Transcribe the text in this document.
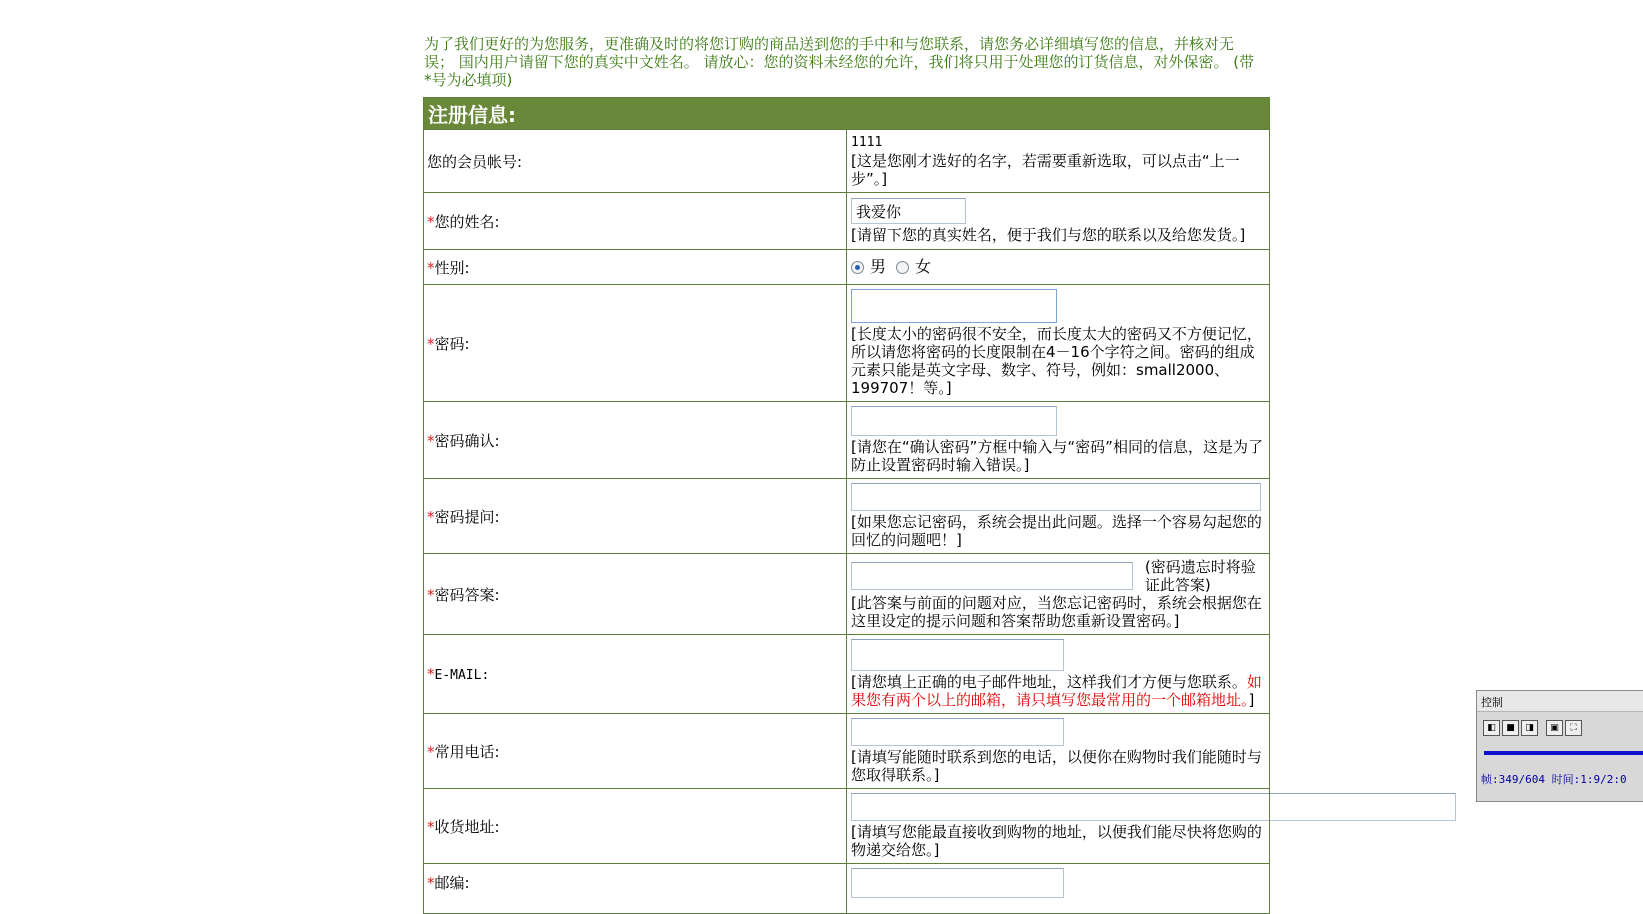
为了我们更好的为您服务，更准确及时的将您订购的商品送到您的手中和与您联系，请您务必详细填写您的信息，并核对无误； 国内用户请留下您的真实中文姓名。 请放心：您的资料未经您的允许，我们将只用于处理您的订货信息，对外保密。 (带*号为必填项)
注册信息:	
您的会员帐号:	1111
[这是您刚才选好的名字，若需要重新选取，可以点击“上一步”。]

*您的姓名:	
我爱你
[请留下您的真实姓名，便于我们与您的联系以及给您发货。]

*性别:	男 女

*密码:	[长度太小的密码很不安全，而长度太大的密码又不方便记忆，所以请您将密码的长度限制在4－16个字符之间。密码的组成元素只能是英文字母、数字、符号，例如：small2000、199707！等。]

*密码确认:	[请您在“确认密码”方框中输入与“密码”相同的信息，这是为了防止设置密码时输入错误。]

*密码提问:	[如果您忘记密码，系统会提出此问题。选择一个容易勾起您的回忆的问题吧！]

*密码答案:	(密码遗忘时将验证此答案)
[此答案与前面的问题对应，当您忘记密码时，系统会根据您在这里设定的提示问题和答案帮助您重新设置密码。]

*E-MAIL:	[请您填上正确的电子邮件地址，这样我们才方便与您联系。如果您有两个以上的邮箱，请只填写您最常用的一个邮箱地址。]

*常用电话:	[请填写能随时联系到您的电话，以便你在购物时我们能随时与您取得联系。]

*收货地址:	[请填写您能最直接收到购物的地址，以便我们能尽快将您购的物递交给您。]

*邮编:	
控制
◧	■	◨	▣	⛶
帧:349/604 时间:1:9/2:0
